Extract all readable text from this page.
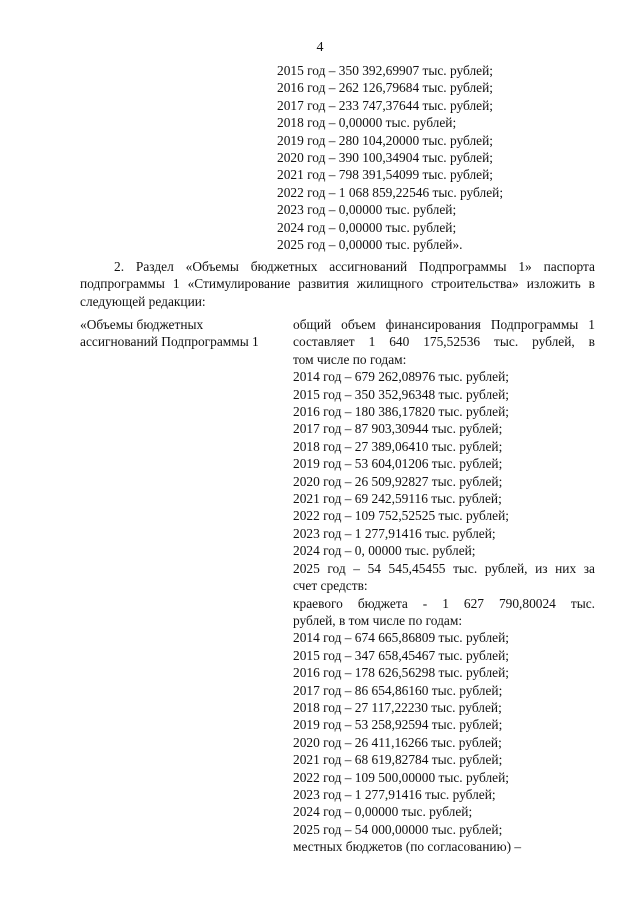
4
2015 год – 350 392,69907 тыс. рублей;
2016 год – 262 126,79684 тыс. рублей;
2017 год – 233 747,37644 тыс. рублей;
2018 год – 0,00000 тыс. рублей;
2019 год – 280 104,20000 тыс. рублей;
2020 год – 390 100,34904 тыс. рублей;
2021 год – 798 391,54099 тыс. рублей;
2022 год – 1 068 859,22546 тыс. рублей;
2023 год – 0,00000 тыс. рублей;
2024 год – 0,00000 тыс. рублей;
2025 год – 0,00000 тыс. рублей».
2. Раздел «Объемы бюджетных ассигнований Подпрограммы 1» паспорта подпрограммы 1 «Стимулирование развития жилищного строительства» изложить в следующей редакции:
«Объемы бюджетных
ассигнований Подпрограммы 1
общий объем финансирования Подпрограммы 1 составляет 1 640 175,52536 тыс. рублей, в
том числе по годам:
2014 год – 679 262,08976 тыс. рублей;
2015 год – 350 352,96348 тыс. рублей;
2016 год – 180 386,17820 тыс. рублей;
2017 год – 87 903,30944 тыс. рублей;
2018 год – 27 389,06410 тыс. рублей;
2019 год – 53 604,01206 тыс. рублей;
2020 год – 26 509,92827 тыс. рублей;
2021 год – 69 242,59116 тыс. рублей;
2022 год – 109 752,52525 тыс. рублей;
2023 год – 1 277,91416 тыс. рублей;
2024 год – 0, 00000 тыс. рублей;
2025 год – 54 545,45455 тыс. рублей, из них за
счет средств:
краевого бюджета - 1 627 790,80024 тыс.
рублей, в том числе по годам:
2014 год – 674 665,86809 тыс. рублей;
2015 год – 347 658,45467 тыс. рублей;
2016 год – 178 626,56298 тыс. рублей;
2017 год – 86 654,86160 тыс. рублей;
2018 год – 27 117,22230 тыс. рублей;
2019 год – 53 258,92594 тыс. рублей;
2020 год – 26 411,16266 тыс. рублей;
2021 год – 68 619,82784 тыс. рублей;
2022 год – 109 500,00000 тыс. рублей;
2023 год – 1 277,91416 тыс. рублей;
2024 год – 0,00000 тыс. рублей;
2025 год – 54 000,00000 тыс. рублей;
местных бюджетов (по согласованию) –
